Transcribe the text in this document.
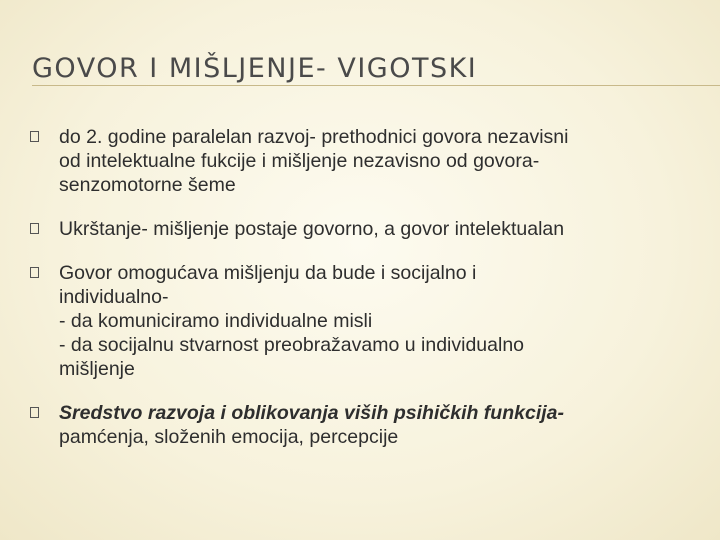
GOVOR I MIŠLJENJE- VIGOTSKI
do 2. godine paralelan razvoj- prethodnici govora nezavisni
od intelektualne fukcije i mišljenje nezavisno od govora-
senzomotorne šeme
Ukrštanje- mišljenje postaje govorno, a govor intelektualan
Govor omogućava mišljenju da bude i socijalno i
individualno-
- da komuniciramo individualne misli
- da socijalnu stvarnost preobražavamo u individualno
mišljenje
Sredstvo razvoja i oblikovanja viših psihičkih funkcija-
pamćenja, složenih emocija, percepcije
